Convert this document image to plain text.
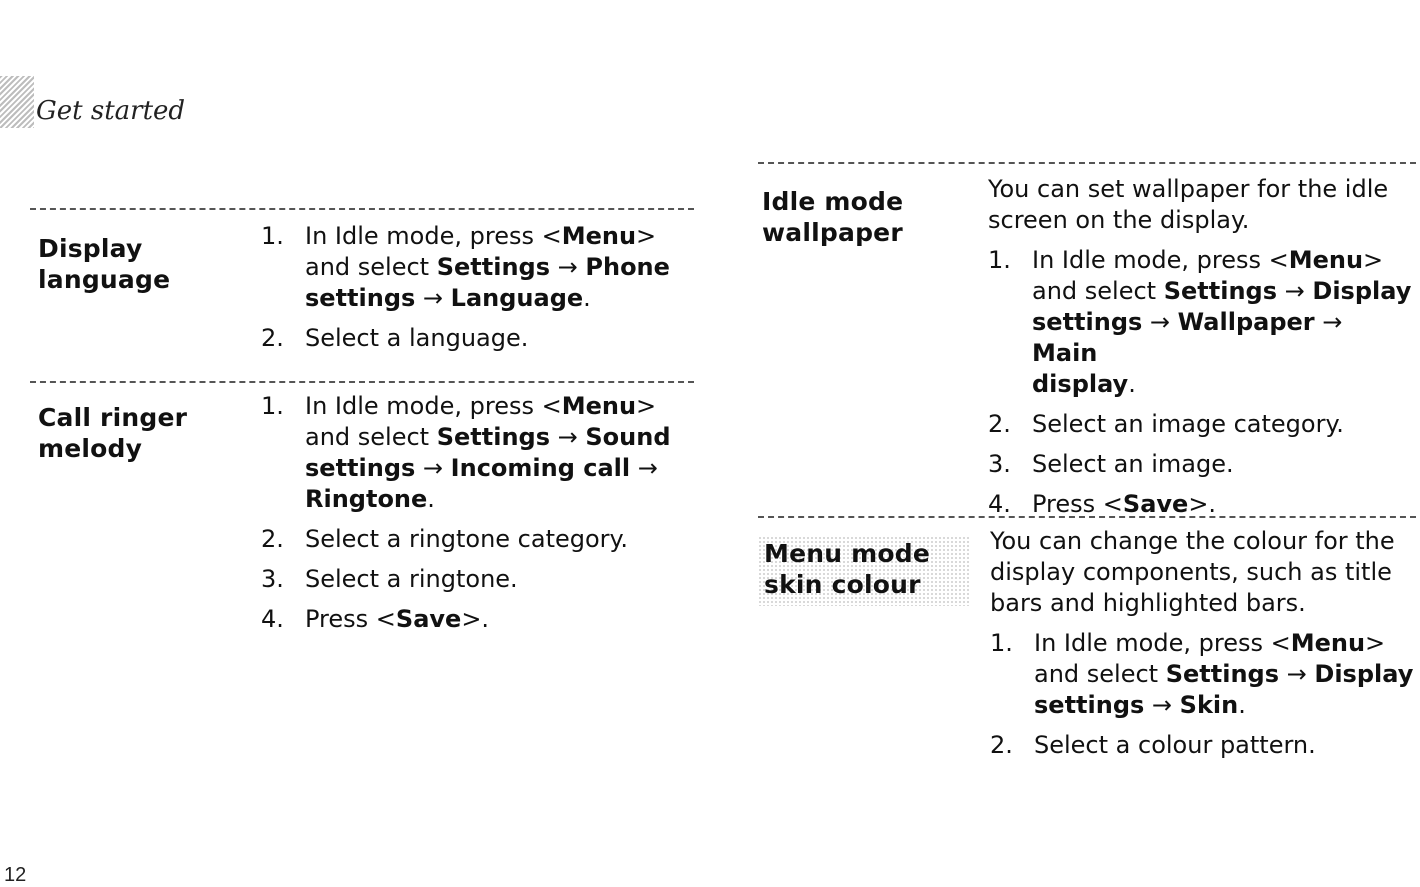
Get started
Display
language
1. In Idle mode, press <Menu>
and select Settings → Phone
settings → Language.
2. Select a language.
Call ringer
melody
1. In Idle mode, press <Menu>
and select Settings → Sound
settings → Incoming call →
Ringtone.
2. Select a ringtone category.
3. Select a ringtone.
4. Press <Save>.
Idle mode
wallpaper
You can set wallpaper for the idle
screen on the display.
1. In Idle mode, press <Menu>
and select Settings → Display
settings → Wallpaper → Main
display.
2. Select an image category.
3. Select an image.
4. Press <Save>.
Menu mode
skin colour
You can change the colour for the
display components, such as title
bars and highlighted bars.
1. In Idle mode, press <Menu>
and select Settings → Display
settings → Skin.
2. Select a colour pattern.
12
